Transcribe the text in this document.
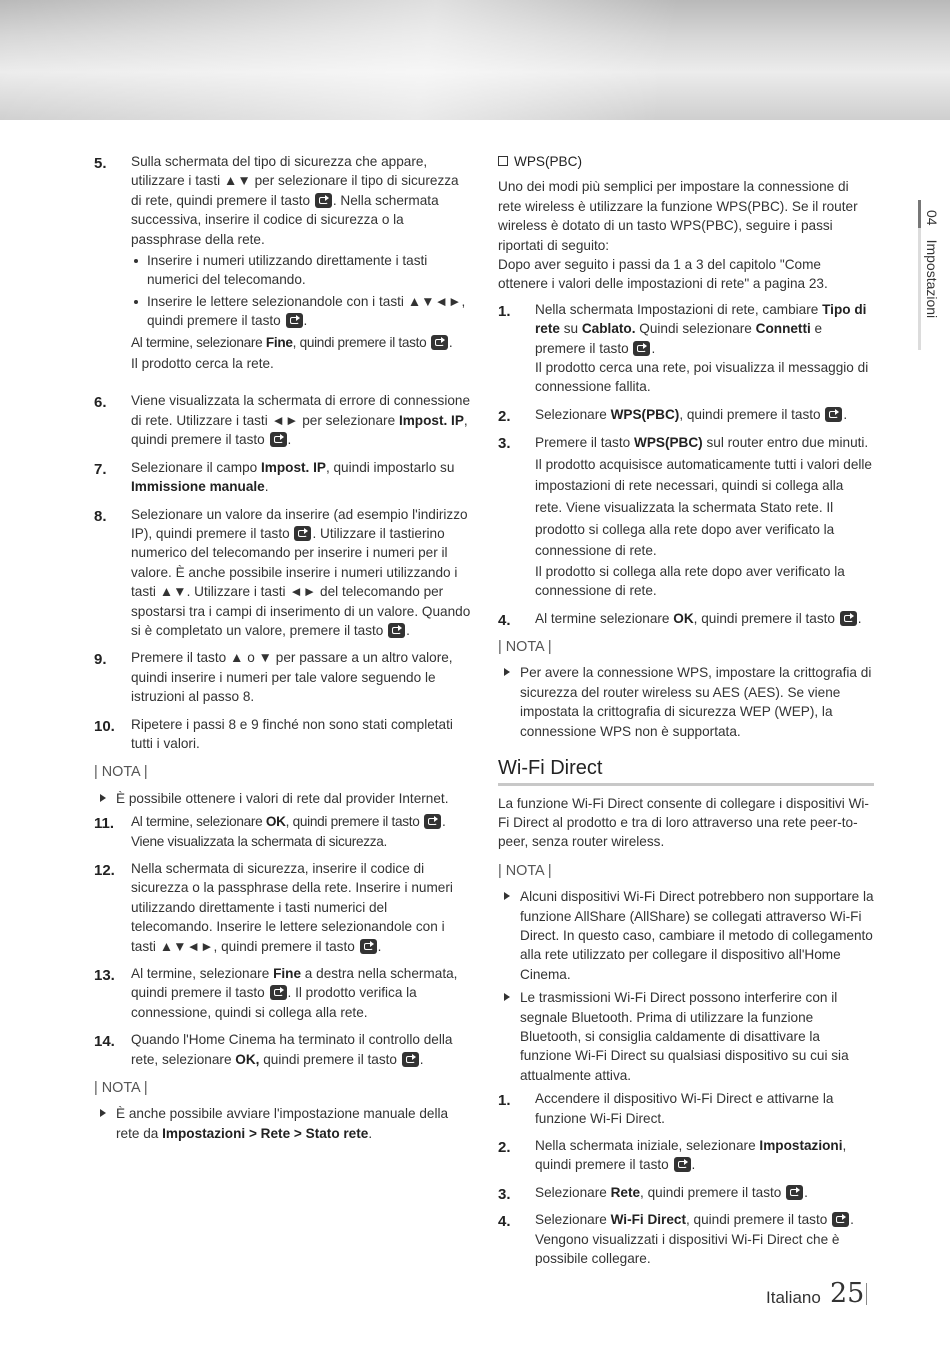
5.	Sulla schermata del tipo di sicurezza che appare, utilizzare i tasti ▲▼ per selezionare il tipo di sicurezza di rete, quindi premere il tasto . Nella schermata successiva, inserire il codice di sicurezza o la passphrase della rete.

Inserire i numeri utilizzando direttamente i tasti numerici del telecomando.
Inserire le lettere selezionandole con i tasti ▲▼◄►, quindi premere il tasto .

Al termine, selezionare Fine, quindi premere il tasto .

Il prodotto cerca la rete.

6.	Viene visualizzata la schermata di errore di connessione di rete. Utilizzare i tasti ◄► per selezionare Impost. IP, quindi premere il tasto .

7.	Selezionare il campo Impost. IP, quindi impostarlo su Immissione manuale.

8.	Selezionare un valore da inserire (ad esempio l'indirizzo IP), quindi premere il tasto . Utilizzare il tastierino numerico del telecomando per inserire i numeri per il valore. È anche possibile inserire i numeri utilizzando i tasti ▲▼. Utilizzare i tasti ◄► del telecomando per spostarsi tra i campi di inserimento di un valore. Quando si è completato un valore, premere il tasto .

9.	Premere il tasto ▲ o ▼ per passare a un altro valore, quindi inserire i numeri per tale valore seguendo le istruzioni al passo 8.

10.	Ripetere i passi 8 e 9 finché non sono stati completati tutti i valori.

| NOTA |
È possibile ottenere i valori di rete dal provider Internet.
11.	Al termine, selezionare OK, quindi premere il tasto . Viene visualizzata la schermata di sicurezza.

12.	Nella schermata di sicurezza, inserire il codice di sicurezza o la passphrase della rete. Inserire i numeri utilizzando direttamente i tasti numerici del telecomando. Inserire le lettere selezionandole con i tasti ▲▼◄►, quindi premere il tasto .

13.	Al termine, selezionare Fine a destra nella schermata, quindi premere il tasto . Il prodotto verifica la connessione, quindi si collega alla rete.

14.	Quando l'Home Cinema ha terminato il controllo della rete, selezionare OK, quindi premere il tasto .

| NOTA |
È anche possibile avviare l'impostazione manuale della rete da Impostazioni > Rete > Stato rete.

WPS(PBC)

Uno dei modi più semplici per impostare la connessione di rete wireless è utilizzare la funzione WPS(PBC). Se il router wireless è dotato di un tasto WPS(PBC), seguire i passi riportati di seguito:

Dopo aver seguito i passi da 1 a 3 del capitolo "Come ottenere i valori delle impostazioni di rete" a pagina 23.

1.	Nella schermata Impostazioni di rete, cambiare Tipo di rete su Cablato. Quindi selezionare Connetti e premere il tasto .

Il prodotto cerca una rete, poi visualizza il messaggio di connessione fallita.

2.	Selezionare WPS(PBC), quindi premere il tasto .

3.	Premere il tasto WPS(PBC) sul router entro due minuti. Il prodotto acquisisce automaticamente tutti i valori delle impostazioni di rete necessari, quindi si collega alla rete. Viene visualizzata la schermata Stato rete. Il prodotto si collega alla rete dopo aver verificato la connessione di rete.

Il prodotto si collega alla rete dopo aver verificato la connessione di rete.

4.	Al termine selezionare OK, quindi premere il tasto .

| NOTA |
Per avere la connessione WPS, impostare la crittografia di sicurezza del router wireless su AES (AES). Se viene impostata la crittografia di sicurezza WEP (WEP), la connessione WPS non è supportata.
Wi-Fi Direct

La funzione Wi-Fi Direct consente di collegare i dispositivi Wi-Fi Direct al prodotto e tra di loro attraverso una rete peer-to-peer, senza router wireless.

| NOTA |
Alcuni dispositivi Wi-Fi Direct potrebbero non supportare la funzione AllShare (AllShare) se collegati attraverso Wi-Fi Direct. In questo caso, cambiare il metodo di collegamento alla rete utilizzato per collegare il dispositivo all'Home Cinema.
Le trasmissioni Wi-Fi Direct possono interferire con il segnale Bluetooth. Prima di utilizzare la funzione Bluetooth, si consiglia caldamente di disattivare la funzione Wi-Fi Direct su qualsiasi dispositivo su cui sia attualmente attiva.
1.	Accendere il dispositivo Wi-Fi Direct e attivarne la funzione Wi-Fi Direct.

2.	Nella schermata iniziale, selezionare Impostazioni, quindi premere il tasto .

3.	Selezionare Rete, quindi premere il tasto .

4.	Selezionare Wi-Fi Direct, quindi premere il tasto .

Vengono visualizzati i dispositivi Wi-Fi Direct che è possibile collegare.

04Impostazioni
Italiano 25
